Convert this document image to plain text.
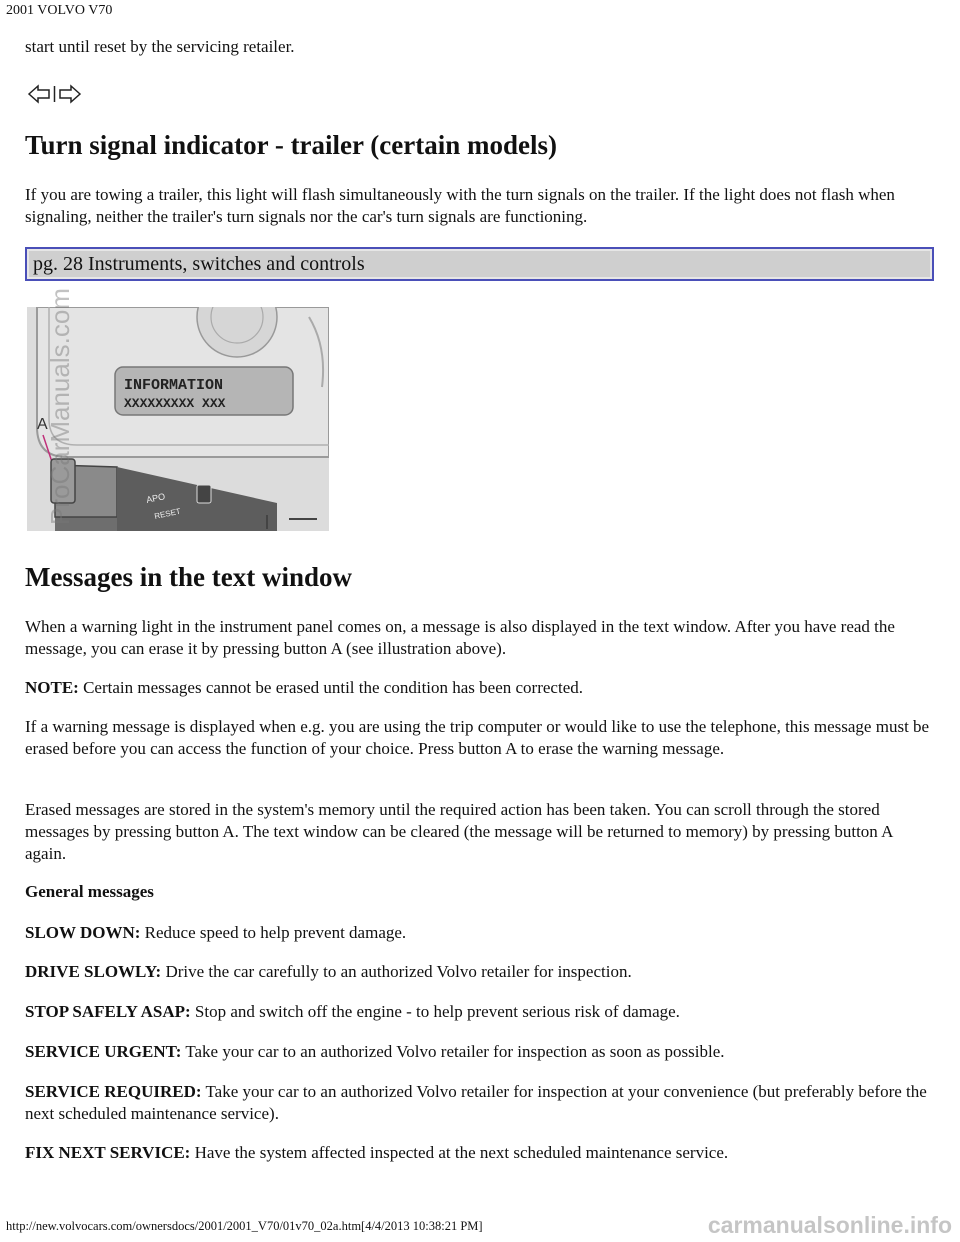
2001 VOLVO V70

start until reset by the servicing retailer.

Turn signal indicator - trailer (certain models)

If you are towing a trailer, this light will flash simultaneously with the turn signals on the trailer. If the light does not flash when signaling, neither the trailer's turn signals nor the car's turn signals are functioning.

pg. 28 Instruments, switches and controls
INFORMATION
XXXXXXXXX XXX
A
APO
RESET
Messages in the text window

When a warning light in the instrument panel comes on, a message is also displayed in the text window. After you have read the message, you can erase it by pressing button A (see illustration above).

NOTE: Certain messages cannot be erased until the condition has been corrected.

If a warning message is displayed when e.g. you are using the trip computer or would like to use the telephone, this message must be erased before you can access the function of your choice. Press button A to erase the warning message.

Erased messages are stored in the system's memory until the required action has been taken. You can scroll through the stored messages by pressing button A. The text window can be cleared (the message will be returned to memory) by pressing button A again.

General messages

SLOW DOWN: Reduce speed to help prevent damage.

DRIVE SLOWLY: Drive the car carefully to an authorized Volvo retailer for inspection.

STOP SAFELY ASAP: Stop and switch off the engine - to help prevent serious risk of damage.

SERVICE URGENT: Take your car to an authorized Volvo retailer for inspection as soon as possible.

SERVICE REQUIRED: Take your car to an authorized Volvo retailer for inspection at your convenience (but preferably before the next scheduled maintenance service).

FIX NEXT SERVICE: Have the system affected inspected at the next scheduled maintenance service.

http://new.volvocars.com/ownersdocs/2001/2001_V70/01v70_02a.htm[4/4/2013 10:38:21 PM]
ProCarManuals.com
carmanualsonline.info
